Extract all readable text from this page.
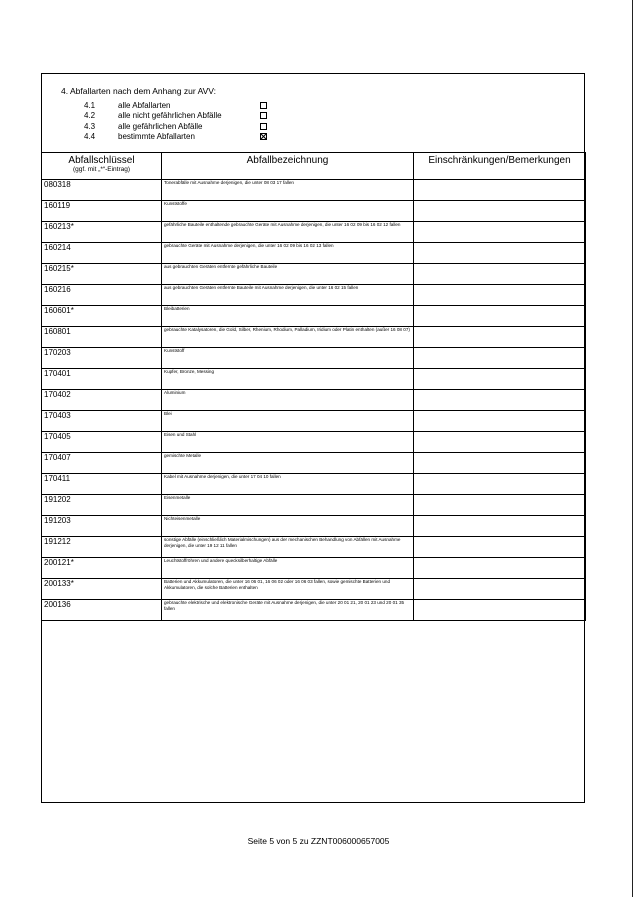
4. Abfallarten nach dem Anhang zur AVV:
4.1	alle Abfallarten
4.2	alle nicht gefährlichen Abfälle
4.3	alle gefährlichen Abfälle
4.4	bestimmte Abfallarten
Abfallschlüssel
(ggf. mit „*“-Eintrag)	Abfallbezeichnung	Einschränkungen/Bemerkungen

080318	Tonerabfälle mit Ausnahme derjenigen, die unter 08 03 17 fallen	
160119	Kunststoffe	
160213*	gefährliche Bauteile enthaltende gebrauchte Geräte mit Ausnahme derjenigen, die unter 16 02 09 bis 16 02 12 fallen	
160214	gebrauchte Geräte mit Ausnahme derjenigen, die unter 16 02 09 bis 16 02 13 fallen	
160215*	aus gebrauchten Geräten entfernte gefährliche Bauteile	
160216	aus gebrauchten Geräten entfernte Bauteile mit Ausnahme derjenigen, die unter 16 02 15 fallen	
160601*	Bleibatterien	
160801	gebrauchte Katalysatoren, die Gold, Silber, Rhenium, Rhodium, Palladium, Iridium oder Platin enthalten (außer 16 08 07)	
170203	Kunststoff	
170401	Kupfer, Bronze, Messing	
170402	Aluminium	
170403	Blei	
170405	Eisen und Stahl	
170407	gemischte Metalle	
170411	Kabel mit Ausnahme derjenigen, die unter 17 04 10 fallen	
191202	Eisenmetalle	
191203	Nichteisenmetalle	
191212	sonstige Abfälle (einschließlich Materialmischungen) aus der mechanischen Behandlung von Abfällen mit Ausnahme derjenigen, die unter 19 12 11 fallen	
200121*	Leuchtstoffröhren und andere quecksilberhaltige Abfälle	
200133*	Batterien und Akkumulatoren, die unter 16 06 01, 16 06 02 oder 16 06 03 fallen, sowie gemischte Batterien und Akkumulatoren, die solche Batterien enthalten	
200136	gebrauchte elektrische und elektronische Geräte mit Ausnahme derjenigen, die unter 20 01 21, 20 01 23 und 20 01 35 fallen	
Seite 5 von 5 zu ZZNT006000657005
